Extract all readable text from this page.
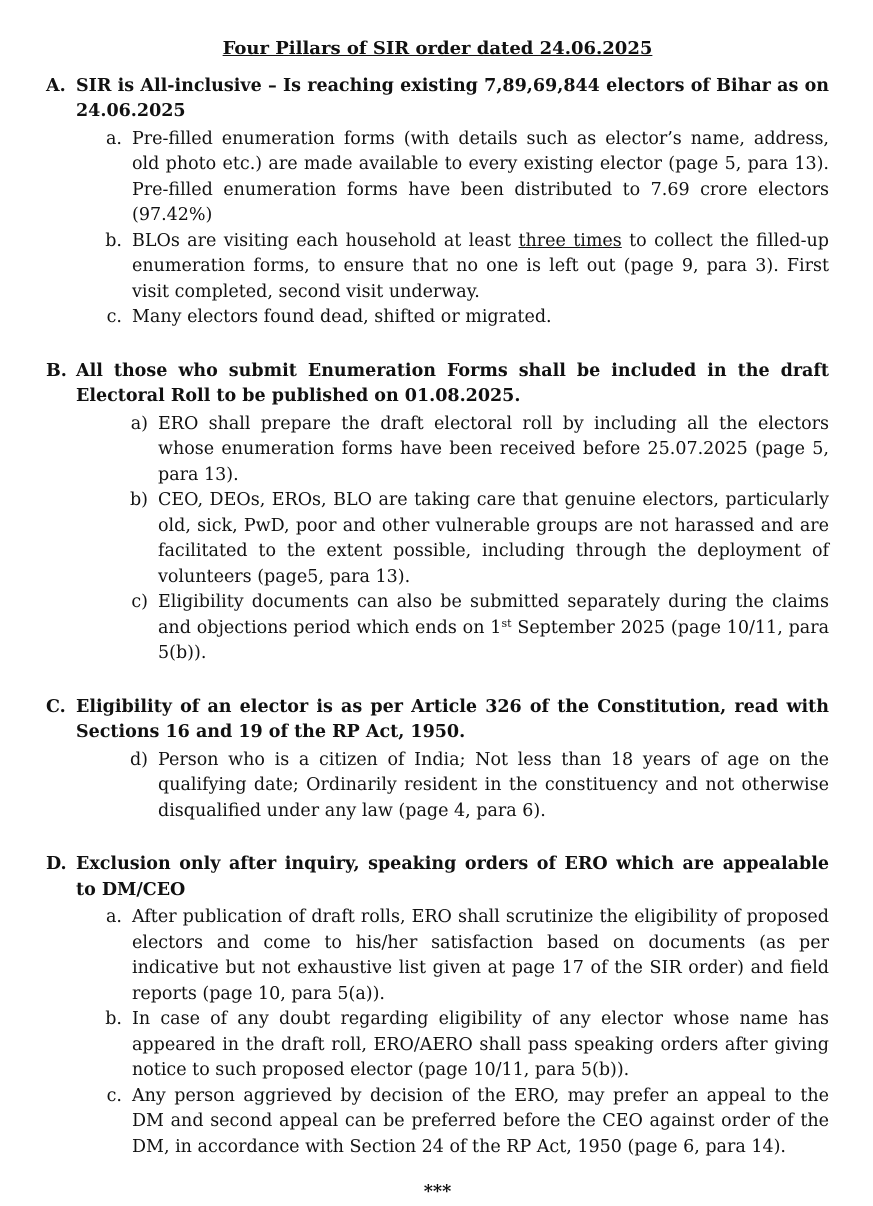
Four Pillars of SIR order dated 24.06.2025
A. SIR is All-inclusive – Is reaching existing 7,89,69,844 electors of Bihar as on 24.06.2025
a. Pre-filled enumeration forms (with details such as elector’s name, address, old photo etc.) are made available to every existing elector (page 5, para 13). Pre-filled enumeration forms have been distributed to 7.69 crore electors (97.42%)
b. BLOs are visiting each household at least three times to collect the filled-up enumeration forms, to ensure that no one is left out (page 9, para 3). First visit completed, second visit underway.
c. Many electors found dead, shifted or migrated.
B. All those who submit Enumeration Forms shall be included in the draft Electoral Roll to be published on 01.08.2025.
a) ERO shall prepare the draft electoral roll by including all the electors whose enumeration forms have been received before 25.07.2025 (page 5, para 13).
b) CEO, DEOs, EROs, BLO are taking care that genuine electors, particularly old, sick, PwD, poor and other vulnerable groups are not harassed and are facilitated to the extent possible, including through the deployment of volunteers (page5, para 13).
c) Eligibility documents can also be submitted separately during the claims and objections period which ends on 1st September 2025 (page 10/11, para 5(b)).
C. Eligibility of an elector is as per Article 326 of the Constitution, read with Sections 16 and 19 of the RP Act, 1950.
d) Person who is a citizen of India; Not less than 18 years of age on the qualifying date; Ordinarily resident in the constituency and not otherwise disqualified under any law (page 4, para 6).
D. Exclusion only after inquiry, speaking orders of ERO which are appealable to DM/CEO
a. After publication of draft rolls, ERO shall scrutinize the eligibility of proposed electors and come to his/her satisfaction based on documents (as per indicative but not exhaustive list given at page 17 of the SIR order) and field reports (page 10, para 5(a)).
b. In case of any doubt regarding eligibility of any elector whose name has appeared in the draft roll, ERO/AERO shall pass speaking orders after giving notice to such proposed elector (page 10/11, para 5(b)).
c. Any person aggrieved by decision of the ERO, may prefer an appeal to the DM and second appeal can be preferred before the CEO against order of the DM, in accordance with Section 24 of the RP Act, 1950 (page 6, para 14).
***
